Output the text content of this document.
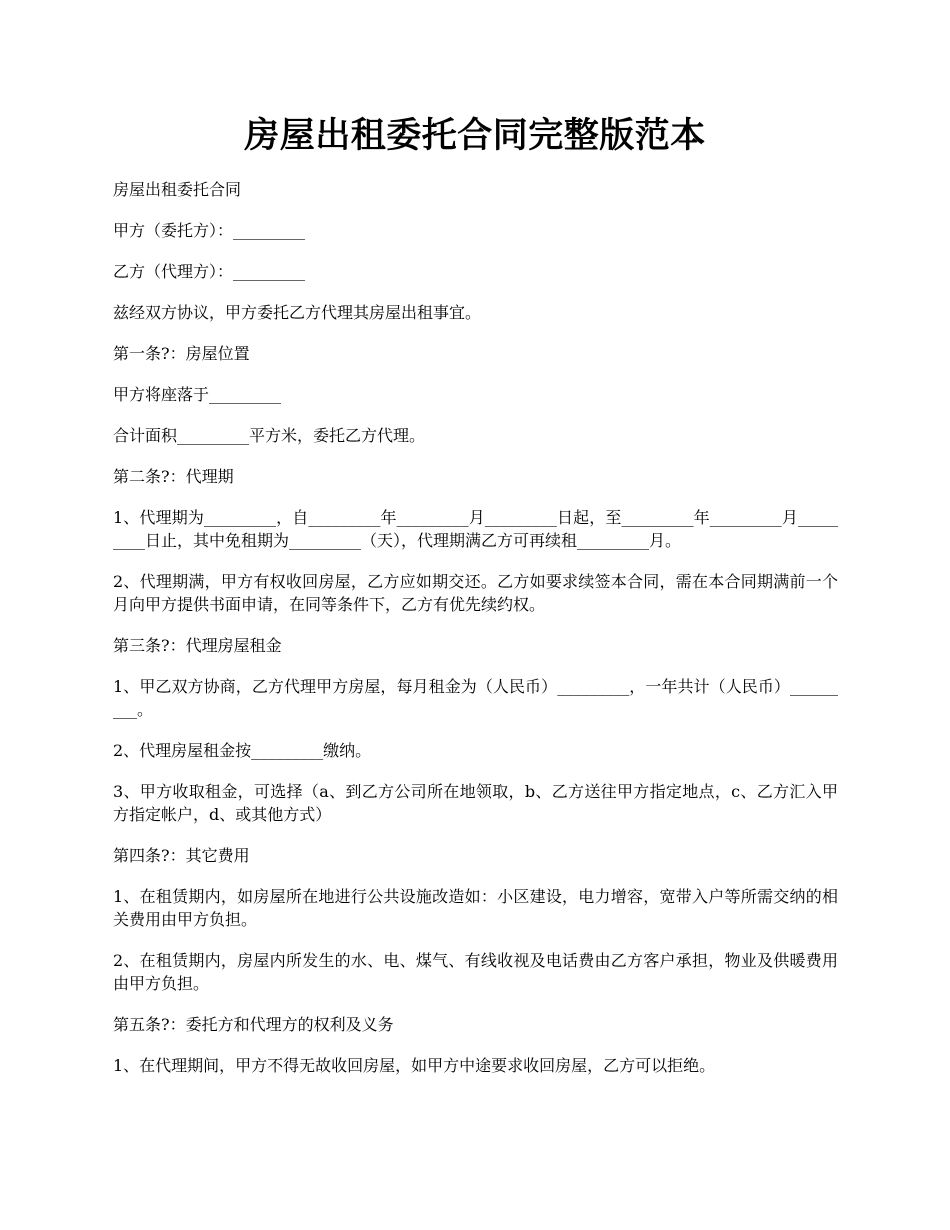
房屋出租委托合同完整版范本

房屋出租委托合同

甲方（委托方）：_________

乙方（代理方）：_________

兹经双方协议，甲方委托乙方代理其房屋出租事宜。

第一条?：房屋位置

甲方将座落于_________

合计面积_________平方米，委托乙方代理。

第二条?：代理期

1、代理期为_________，自_________年_________月_________日起，至_________年_________月_________日止，其中免租期为_________（天），代理期满乙方可再续租_________月。

2、代理期满，甲方有权收回房屋，乙方应如期交还。乙方如要求续签本合同，需在本合同期满前一个月向甲方提供书面申请，在同等条件下，乙方有优先续约权。

第三条?：代理房屋租金

1、甲乙双方协商，乙方代理甲方房屋，每月租金为（人民币）_________，一年共计（人民币）_________。

2、代理房屋租金按_________缴纳。

3、甲方收取租金，可选择（a、到乙方公司所在地领取，b、乙方送往甲方指定地点，c、乙方汇入甲方指定帐户，d、或其他方式）

第四条?：其它费用

1、在租赁期内，如房屋所在地进行公共设施改造如：小区建设，电力增容，宽带入户等所需交纳的相关费用由甲方负担。

2、在租赁期内，房屋内所发生的水、电、煤气、有线收视及电话费由乙方客户承担，物业及供暖费用由甲方负担。

第五条?：委托方和代理方的权利及义务

1、在代理期间，甲方不得无故收回房屋，如甲方中途要求收回房屋，乙方可以拒绝。
